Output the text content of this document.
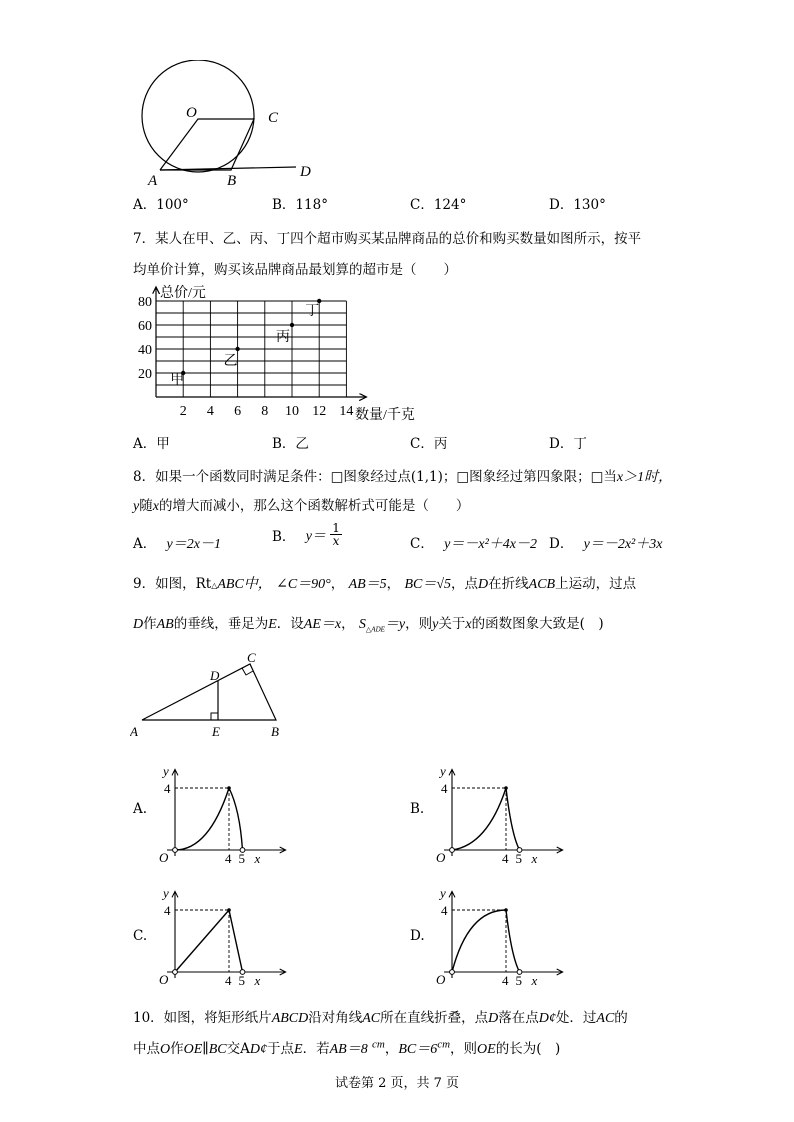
O	C
A	B
D
A．100°	B．118°	C．124°	D．130°
7．某人在甲、乙、丙、丁四个超市购买某品牌商品的总价和购买数量如图所示，按平
均单价计算，购买该品牌商品最划算的超市是（　　）
20
40
60
80
2 4 6 8 10 12 14
甲
乙
丙
丁
总价/元
数量/千克
A．甲	B．乙	C．丙	D．丁
8．如果一个函数同时满足条件：□图象经过点(1,1)；□图象经过第四象限；□当x＞1时，
y随x的增大而减小，那么这个函数解析式可能是（　　）
A． y＝2x－1	B． $y= \frac{1}{x}$	C． y＝－x²＋4x－2 D． y＝－2x²＋3x
9．如图，Rt△ABC中， ∠C＝90°， AB＝5， BC＝√5，点D在折线ACB上运动，过点
D作AB的垂线，垂足为E．设AE＝x， $S_{\triangle ADE}=y$，则y关于x的函数图象大致是(　)
A	E	B
D
C
A.	B.
C.	D.
y
4
O	4 5 x
y
4
O	4 5 x
y
4
O	4 5 x
y
4
O	4 5 x
10．如图，将矩形纸片ABCD沿对角线AC所在直线折叠，点D落在点D¢处．过AC的
中点O作OE∥BC交AD¢于点E．若AB＝8 $^{cm}$，$BC=6^{cm}$，则OE的长为(　)
试卷第 2 页，共 7 页
